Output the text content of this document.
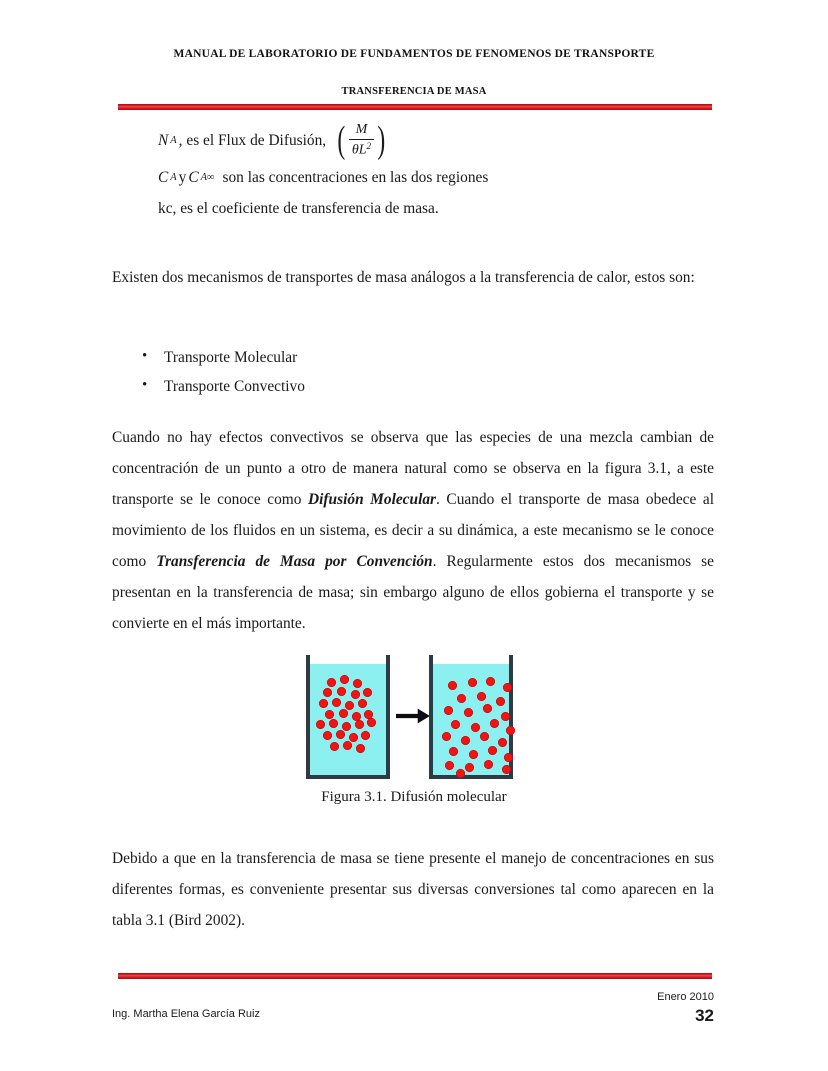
MANUAL DE LABORATORIO DE FUNDAMENTOS DE FENOMENOS DE TRANSPORTE
TRANSFERENCIA DE MASA
N A , es el Flux de Difusión, ( $\frac{M}{\theta L^2}$ )
C A y C A∞ son las concentraciones en las dos regiones
kc, es el coeficiente de transferencia de masa.

Existen dos mecanismos de transportes de masa análogos a la transferencia de calor, estos son:

• Transporte Molecular
• Transporte Convectivo

Cuando no hay efectos convectivos se observa que las especies de una mezcla cambian de concentración de un punto a otro de manera natural como se observa en la figura 3.1, a este transporte se le conoce como Difusión Molecular. Cuando el transporte de masa obedece al movimiento de los fluidos en un sistema, es decir a su dinámica, a este mecanismo se le conoce como Transferencia de Masa por Convención. Regularmente estos dos mecanismos se presentan en la transferencia de masa; sin embargo alguno de ellos gobierna el transporte y se convierte en el más importante.

Figura 3.1. Difusión molecular

Debido a que en la transferencia de masa se tiene presente el manejo de concentraciones en sus diferentes formas, es conveniente presentar sus diversas conversiones tal como aparecen en la tabla 3.1 (Bird 2002).

Ing. Martha Elena García Ruiz
Enero 2010
32
